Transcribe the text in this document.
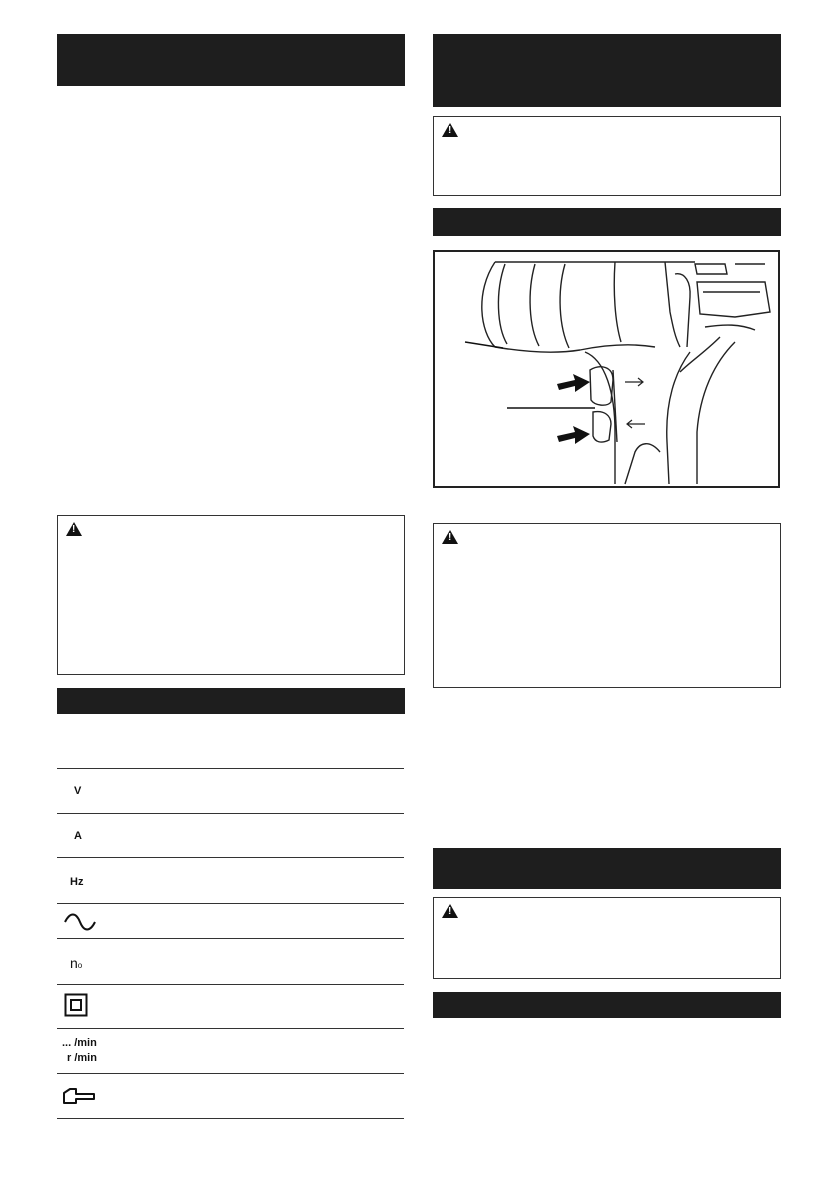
!
V
A
Hz
no
... /min
r /min
!
!
!
